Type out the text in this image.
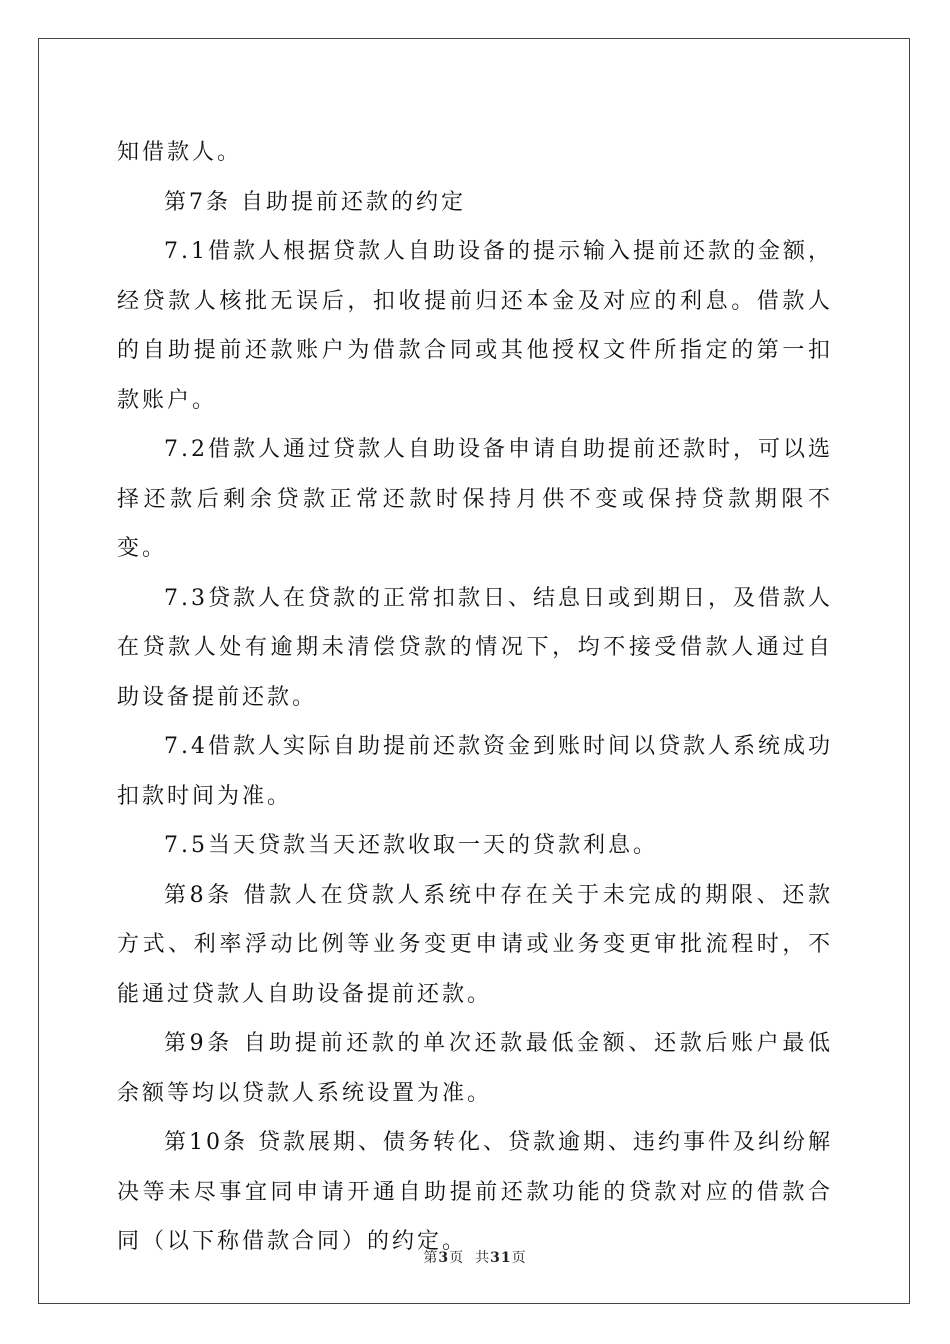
知借款人。

第7条 自助提前还款的约定

7.1借款人根据贷款人自助设备的提示输入提前还款的金额，经贷款人核批无误后，扣收提前归还本金及对应的利息。借款人的自助提前还款账户为借款合同或其他授权文件所指定的第一扣款账户。

7.2借款人通过贷款人自助设备申请自助提前还款时，可以选择还款后剩余贷款正常还款时保持月供不变或保持贷款期限不变。

7.3贷款人在贷款的正常扣款日、结息日或到期日，及借款人在贷款人处有逾期未清偿贷款的情况下，均不接受借款人通过自助设备提前还款。

7.4借款人实际自助提前还款资金到账时间以贷款人系统成功扣款时间为准。

7.5当天贷款当天还款收取一天的贷款利息。

第8条 借款人在贷款人系统中存在关于未完成的期限、还款方式、利率浮动比例等业务变更申请或业务变更审批流程时，不能通过贷款人自助设备提前还款。

第9条 自助提前还款的单次还款最低金额、还款后账户最低余额等均以贷款人系统设置为准。

第10条 贷款展期、债务转化、贷款逾期、违约事件及纠纷解决等未尽事宜同申请开通自助提前还款功能的贷款对应的借款合同（以下称借款合同）的约定。

第3页  共31页
